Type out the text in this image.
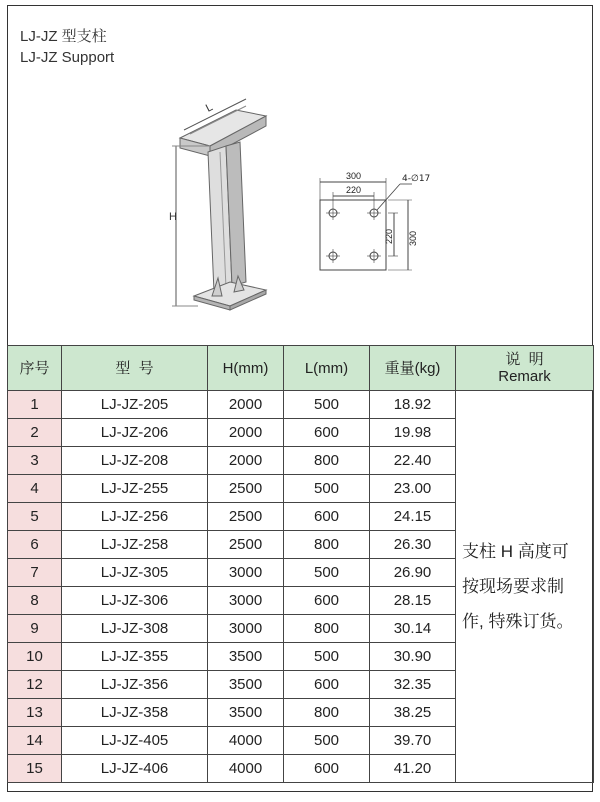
LJ-JZ 型支柱
LJ-JZ Support
L
H
300
220
4-∅17
220 300
序号	型  号	H(mm)	L(mm)	重量(kg)	说  明
Remark

1	LJ-JZ-205	2000	500	18.92	支柱 H 高度可
按现场要求制
作, 特殊订货。

2	LJ-JZ-206	2000	600	19.98	
3	LJ-JZ-208	2000	800	22.40	
4	LJ-JZ-255	2500	500	23.00	
5	LJ-JZ-256	2500	600	24.15	
6	LJ-JZ-258	2500	800	26.30	
7	LJ-JZ-305	3000	500	26.90	
8	LJ-JZ-306	3000	600	28.15	
9	LJ-JZ-308	3000	800	30.14	
10	LJ-JZ-355	3500	500	30.90	
12	LJ-JZ-356	3500	600	32.35	
13	LJ-JZ-358	3500	800	38.25	
14	LJ-JZ-405	4000	500	39.70	
15	LJ-JZ-406	4000	600	41.20	
